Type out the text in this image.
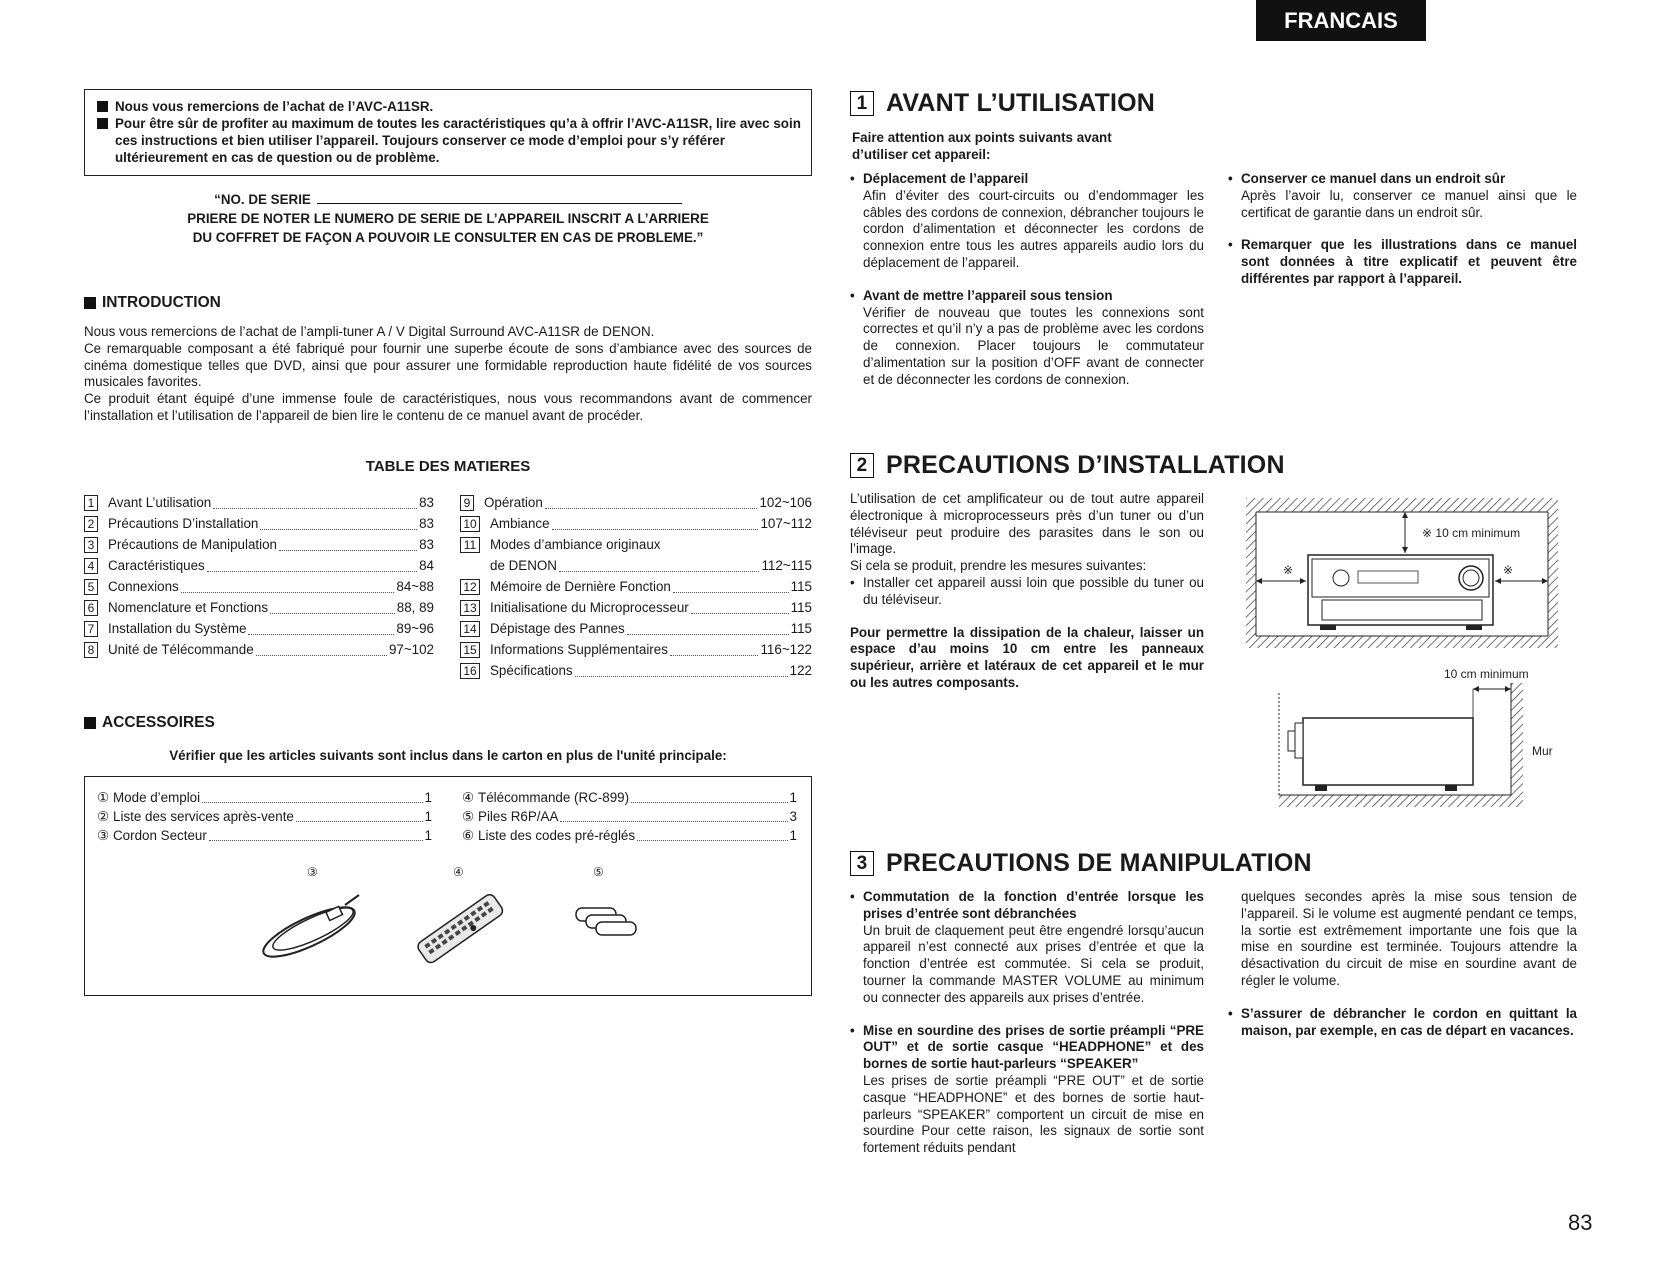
FRANCAIS
Nous vous remercions de l’achat de l’AVC-A11SR.
Pour être sûr de profiter au maximum de toutes les caractéristiques qu’a à offrir l’AVC-A11SR, lire avec soin ces instructions et bien utiliser l’appareil. Toujours conserver ce mode d’emploi pour s’y référer ultérieurement en cas de question ou de problème.
“NO. DE SERIE
PRIERE DE NOTER LE NUMERO DE SERIE DE L’APPAREIL INSCRIT A L’ARRIERE
DU COFFRET DE FAÇON A POUVOIR LE CONSULTER EN CAS DE PROBLEME.”
INTRODUCTION
Nous vous remercions de l’achat de l’ampli-tuner A / V Digital Surround AVC-A11SR de DENON.
Ce remarquable composant a été fabriqué pour fournir une superbe écoute de sons d’ambiance avec des sources de cinéma domestique telles que DVD, ainsi que pour assurer une formidable reproduction haute fidélité de vos sources musicales favorites.
Ce produit étant équipé d’une immense foule de caractéristiques, nous vous recommandons avant de commencer l’installation et l’utilisation de l’appareil de bien lire le contenu de ce manuel avant de procéder.
TABLE DES MATIERES
1 Avant L’utilisation	83
2 Précautions D’installation	83
3 Précautions de Manipulation	83
4 Caractéristiques	84
5 Connexions	84~88
6 Nomenclature et Fonctions	88, 89
7 Installation du Système	89~96
8 Unité de Télécommande	97~102
9 Opération	102~106
10 Ambiance	107~112
11 Modes d’ambiance originaux
de DENON	112~115
12 Mémoire de Dernière Fonction	115
13 Initialisatione du Microprocesseur	115
14 Dépistage des Pannes	115
15 Informations Supplémentaires	116~122
16 Spécifications	122
ACCESSOIRES
Vérifier que les articles suivants sont inclus dans le carton en plus de l'unité principale:
① Mode d’emploi	1
② Liste des services après-vente	1
③ Cordon Secteur	1
④ Télécommande (RC-899)	1
⑤ Piles R6P/AA	3
⑥ Liste des codes pré-réglés	1
③	④	⑤
1 AVANT L’UTILISATION
Faire attention aux points suivants avant d’utiliser cet appareil:
• Déplacement de l’appareil
Afin d’éviter des court-circuits ou d’endommager les câbles des cordons de connexion, débrancher toujours le cordon d’alimentation et déconnecter les cordons de connexion entre tous les autres appareils audio lors du déplacement de l’appareil.
• Avant de mettre l’appareil sous tension
Vérifier de nouveau que toutes les connexions sont correctes et qu’il n’y a pas de problème avec les cordons de connexion. Placer toujours le commutateur d’alimentation sur la position d’OFF avant de connecter et de déconnecter les cordons de connexion.
• Conserver ce manuel dans un endroit sûr
Après l’avoir lu, conserver ce manuel ainsi que le certificat de garantie dans un endroit sûr.
• Remarquer que les illustrations dans ce manuel sont données à titre explicatif et peuvent être différentes par rapport à l’appareil.
2 PRECAUTIONS D’INSTALLATION
L’utilisation de cet amplificateur ou de tout autre appareil électronique à microprocesseurs près d’un tuner ou d’un téléviseur peut produire des parasites dans le son ou l’image.
Si cela se produit, prendre les mesures suivantes:
• Installer cet appareil aussi loin que possible du tuner ou du téléviseur.
Pour permettre la dissipation de la chaleur, laisser un espace d’au moins 10 cm entre les panneaux supérieur, arrière et latéraux de cet appareil et le mur ou les autres composants.
※ 10 cm minimum
※	※
10 cm minimum
Mur
3 PRECAUTIONS DE MANIPULATION
• Commutation de la fonction d’entrée lorsque les prises d’entrée sont débranchées
Un bruit de claquement peut être engendré lorsqu’aucun appareil n’est connecté aux prises d’entrée et que la fonction d’entrée est commutée. Si cela se produit, tourner la commande MASTER VOLUME au minimum ou connecter des appareils aux prises d’entrée.
• Mise en sourdine des prises de sortie préampli “PRE OUT” et de sortie casque “HEADPHONE” et des bornes de sortie haut-parleurs “SPEAKER”
Les prises de sortie préampli “PRE OUT” et de sortie casque “HEADPHONE” et des bornes de sortie haut-parleurs “SPEAKER” comportent un circuit de mise en sourdine Pour cette raison, les signaux de sortie sont fortement réduits pendant
quelques secondes après la mise sous tension de l’appareil. Si le volume est augmenté pendant ce temps, la sortie est extrêmement importante une fois que la mise en sourdine est terminée. Toujours attendre la désactivation du circuit de mise en sourdine avant de régler le volume.
• S’assurer de débrancher le cordon en quittant la maison, par exemple, en cas de départ en vacances.
83
